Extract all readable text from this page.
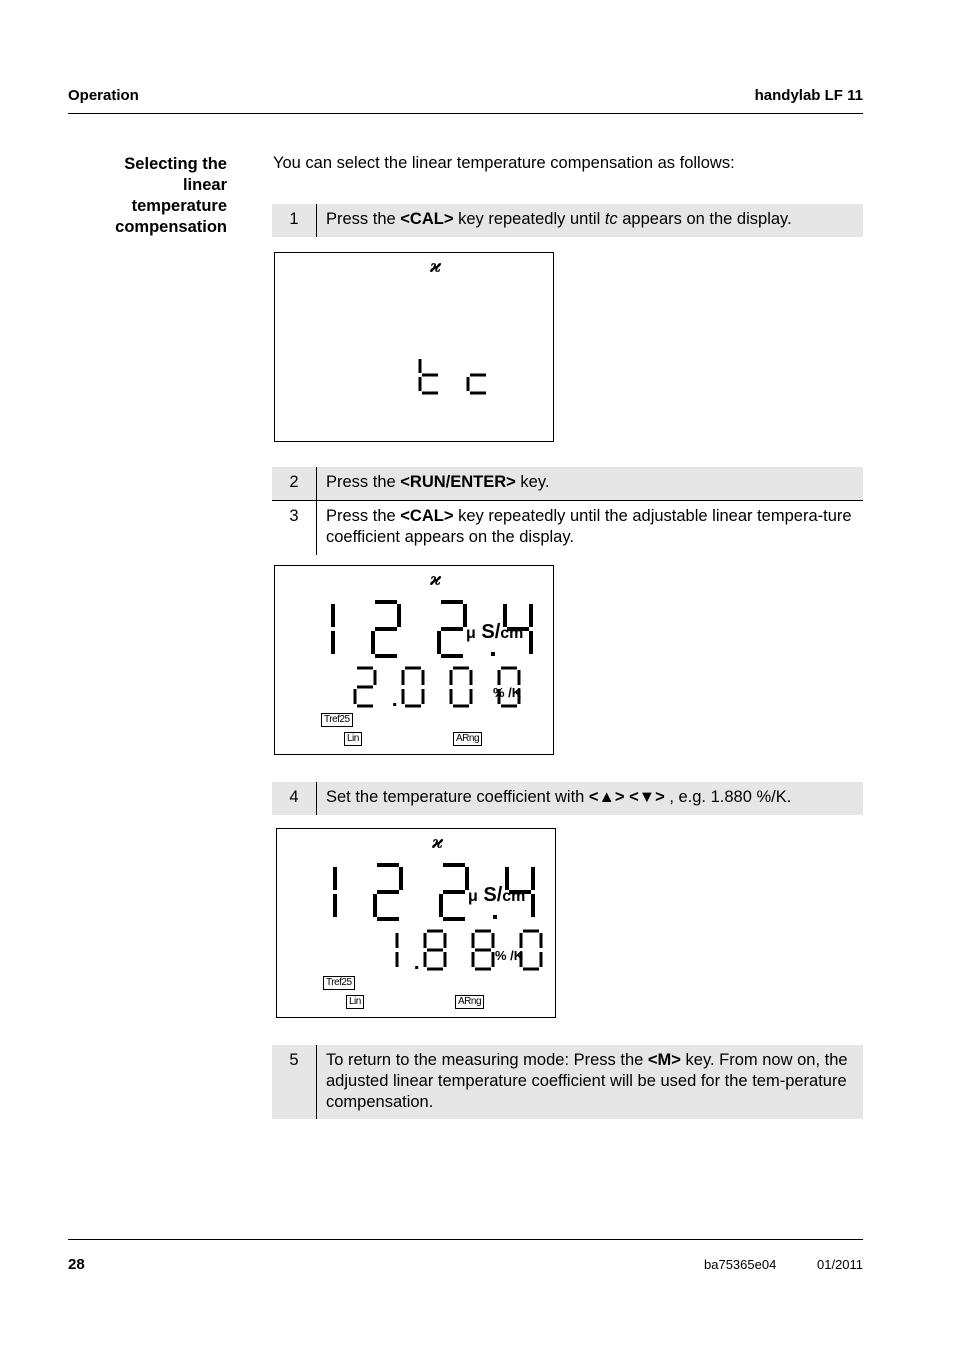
Operation	handylab LF 11
Selecting the
linear
temperature
compensation
You can select the linear temperature compensation as follows:
1	Press the <CAL> key repeatedly until tc appears on the display.
ϰ
2	Press the <RUN/ENTER> key.
3	Press the <CAL> key repeatedly until the adjustable linear tempera-ture coefficient appears on the display.
ϰ
μ S/cm
% /K
Tref25
Lin	ARng
4	Set the temperature coefficient with <▲> <▼> , e.g. 1.880 %/K.
ϰ
μ S/cm
% /K
Tref25
Lin	ARng
5	To return to the measuring mode: Press the <M> key. From now on, the adjusted linear temperature coefficient will be used for the tem-perature compensation.
28	ba75365e04	01/2011
